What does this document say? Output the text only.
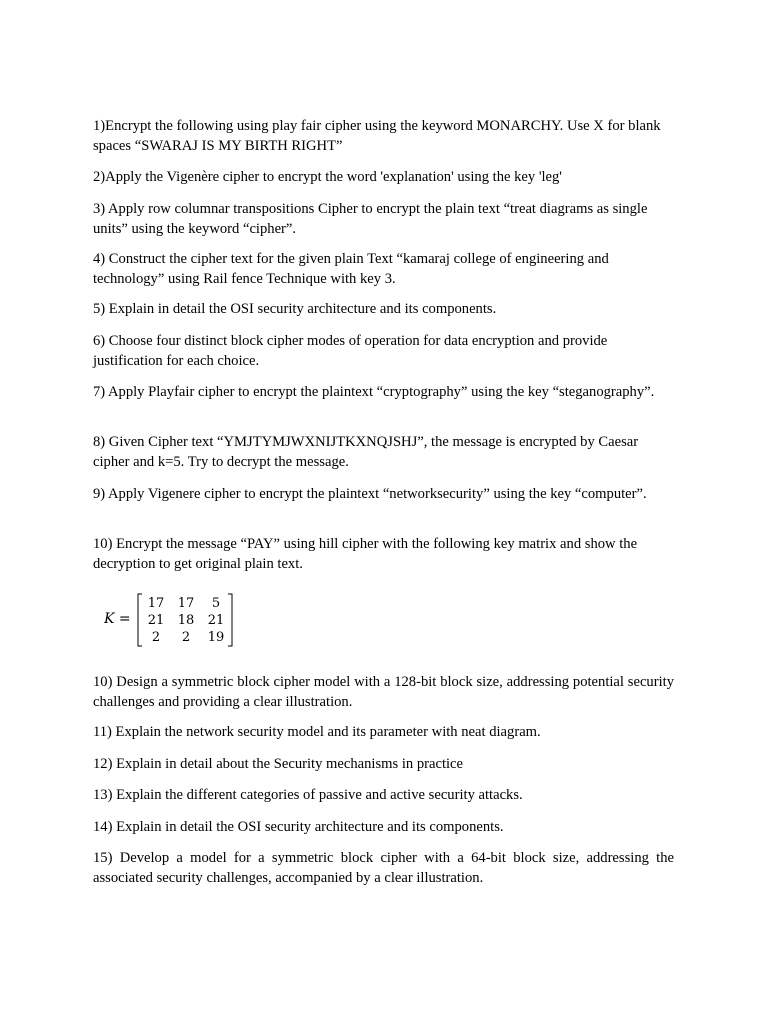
1)Encrypt the following using play fair cipher using the keyword MONARCHY. Use X for blank spaces “SWARAJ IS MY BIRTH RIGHT”

2)Apply the Vigenère cipher to encrypt the word 'explanation' using the key 'leg'

3) Apply row columnar transpositions Cipher to encrypt the plain text “treat diagrams as single units” using the keyword “cipher”.

4) Construct the cipher text for the given plain Text “kamaraj college of engineering and technology” using Rail fence Technique with key 3.

5) Explain in detail the OSI security architecture and its components.

6) Choose four distinct block cipher modes of operation for data encryption and provide justification for each choice.

7) Apply Playfair cipher to encrypt the plaintext “cryptography” using the key “steganography”.

8) Given Cipher text “YMJTYMJWXNIJTKXNQJSHJ”, the message is encrypted by Caesar cipher and k=5. Try to decrypt the message.

9) Apply Vigenere cipher to encrypt the plaintext “networksecurity” using the key “computer”.

10) Encrypt the message “PAY” using hill cipher with the following key matrix and show the decryption to get original plain text.

K =
17 17 5
21 18 21
2 2 19

10) Design a symmetric block cipher model with a 128-bit block size, addressing potential security challenges and providing a clear illustration.

11) Explain the network security model and its parameter with neat diagram.

12) Explain in detail about the Security mechanisms in practice

13) Explain the different categories of passive and active security attacks.

14) Explain in detail the OSI security architecture and its components.

15) Develop a model for a symmetric block cipher with a 64-bit block size, addressing the associated security challenges, accompanied by a clear illustration.
